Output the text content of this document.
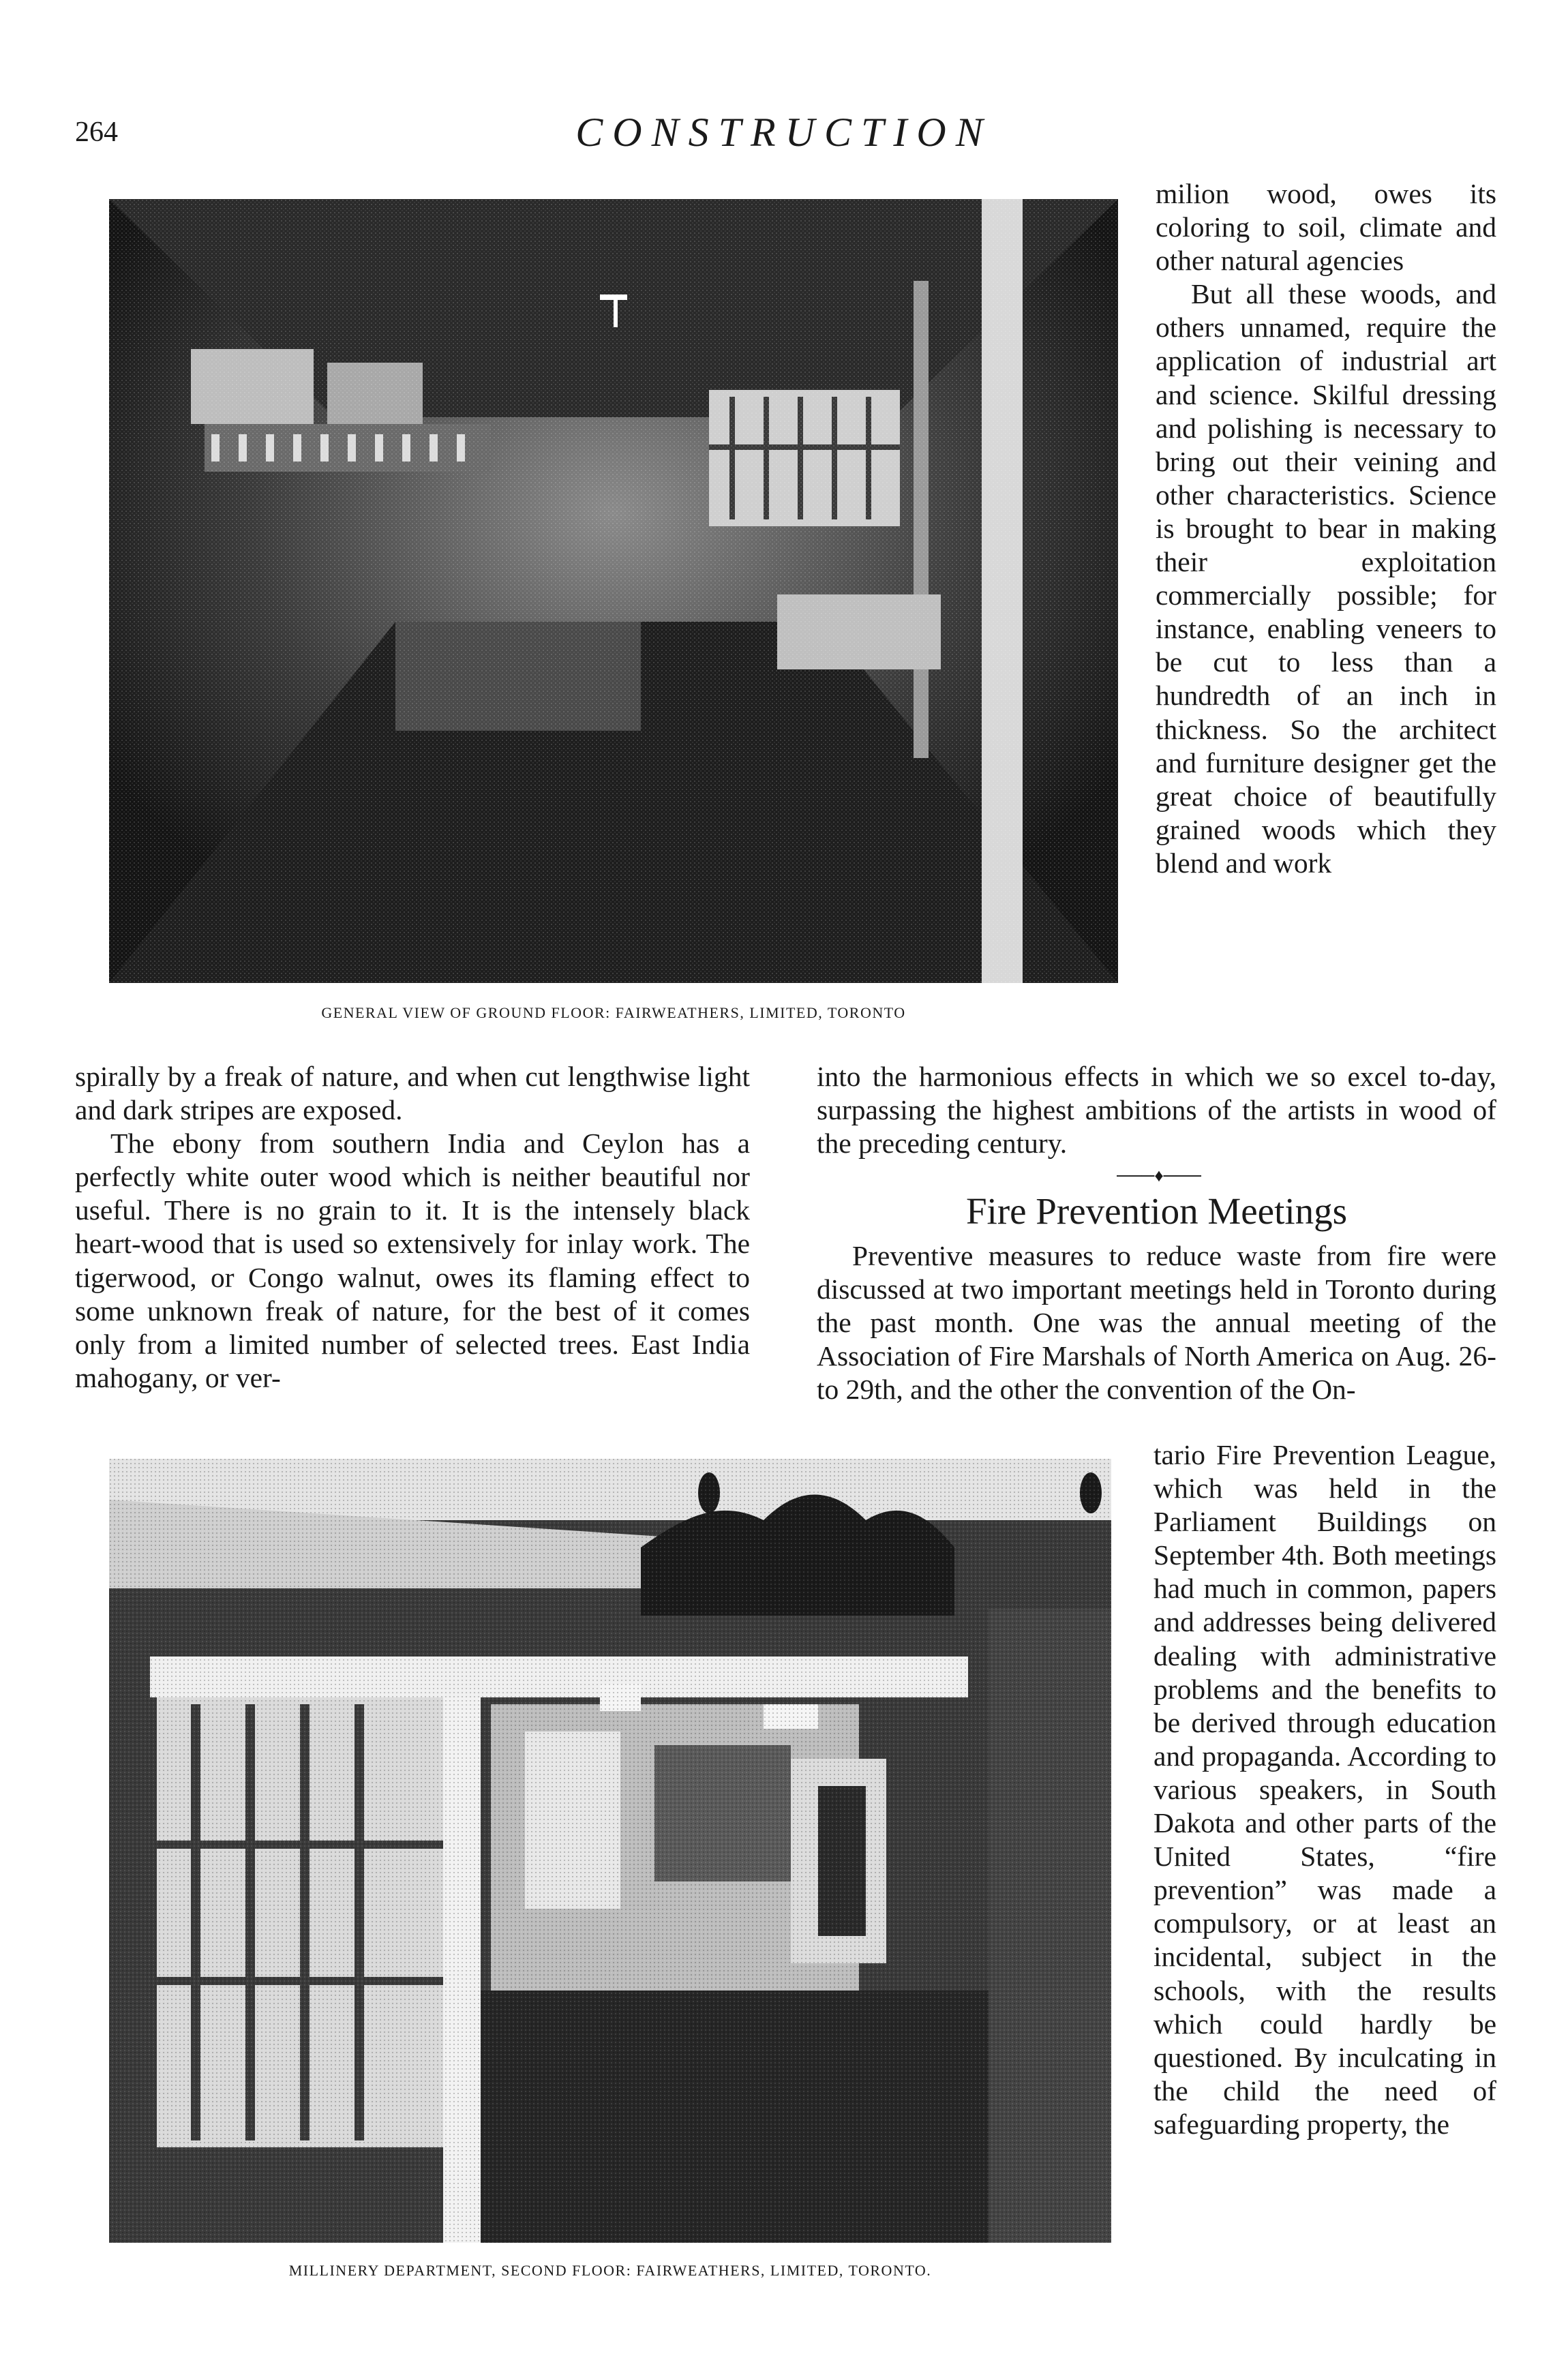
264	CONSTRUCTION
GENERAL VIEW OF GROUND FLOOR: FAIRWEATHERS, LIMITED, TORONTO

milion wood, owes its coloring to soil, climate and other natural agencies

But all these woods, and others unnamed, require the application of industrial art and science. Skilful dressing and polishing is necessary to bring out their veining and other characteristics. Science is brought to bear in making their exploitation commercially possible; for instance, enabling veneers to be cut to less than a hundredth of an inch in thickness. So the architect and furniture designer get the great choice of beautifully grained woods which they blend and work

spirally by a freak of nature, and when cut lengthwise light and dark stripes are exposed.

The ebony from southern India and Ceylon has a perfectly white outer wood which is neither beautiful nor useful. There is no grain to it. It is the intensely black heart-wood that is used so extensively for inlay work. The tigerwood, or Congo walnut, owes its flaming effect to some unknown freak of nature, for the best of it comes only from a limited number of selected trees. East India mahogany, or ver-

into the harmonious effects in which we so excel to-day, surpassing the highest ambitions of the artists in wood of the preceding century.

───♦───
Fire Prevention Meetings

Preventive measures to reduce waste from fire were discussed at two important meetings held in Toronto during the past month. One was the annual meeting of the Association of Fire Marshals of North America on Aug. 26-to 29th, and the other the convention of the On-

MILLINERY DEPARTMENT, SECOND FLOOR: FAIRWEATHERS, LIMITED, TORONTO.

tario Fire Prevention League, which was held in the Parliament Buildings on September 4th. Both meetings had much in common, papers and addresses being delivered dealing with administrative problems and the benefits to be derived through education and propaganda. According to various speakers, in South Dakota and other parts of the United States, “fire prevention” was made a compulsory, or at least an incidental, subject in the schools, with the results which could hardly be questioned. By inculcating in the child the need of safeguarding property, the
